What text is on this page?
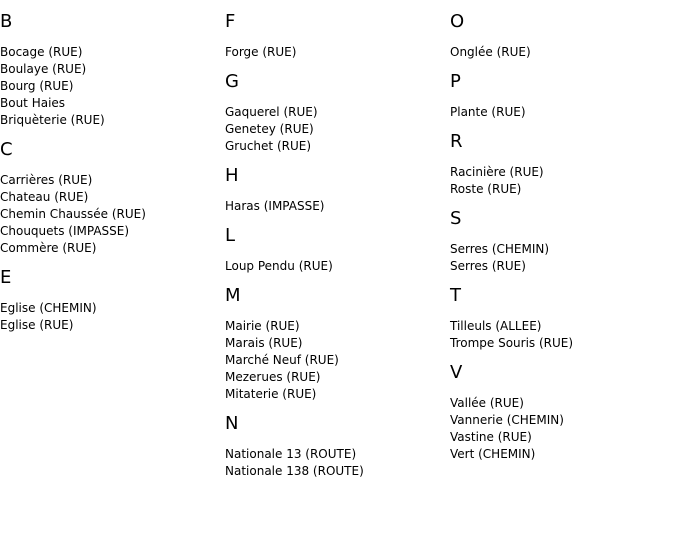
B
Bocage (RUE)
Boulaye (RUE)
Bourg (RUE)
Bout Haies
Briquèterie (RUE)
C
Carrières (RUE)
Chateau (RUE)
Chemin Chaussée (RUE)
Chouquets (IMPASSE)
Commère (RUE)
E
Eglise (CHEMIN)
Eglise (RUE)
F
Forge (RUE)
G
Gaquerel (RUE)
Genetey (RUE)
Gruchet (RUE)
H
Haras (IMPASSE)
L
Loup Pendu (RUE)
M
Mairie (RUE)
Marais (RUE)
Marché Neuf (RUE)
Mezerues (RUE)
Mitaterie (RUE)
N
Nationale 13 (ROUTE)
Nationale 138 (ROUTE)
O
Onglée (RUE)
P
Plante (RUE)
R
Racinière (RUE)
Roste (RUE)
S
Serres (CHEMIN)
Serres (RUE)
T
Tilleuls (ALLEE)
Trompe Souris (RUE)
V
Vallée (RUE)
Vannerie (CHEMIN)
Vastine (RUE)
Vert (CHEMIN)
